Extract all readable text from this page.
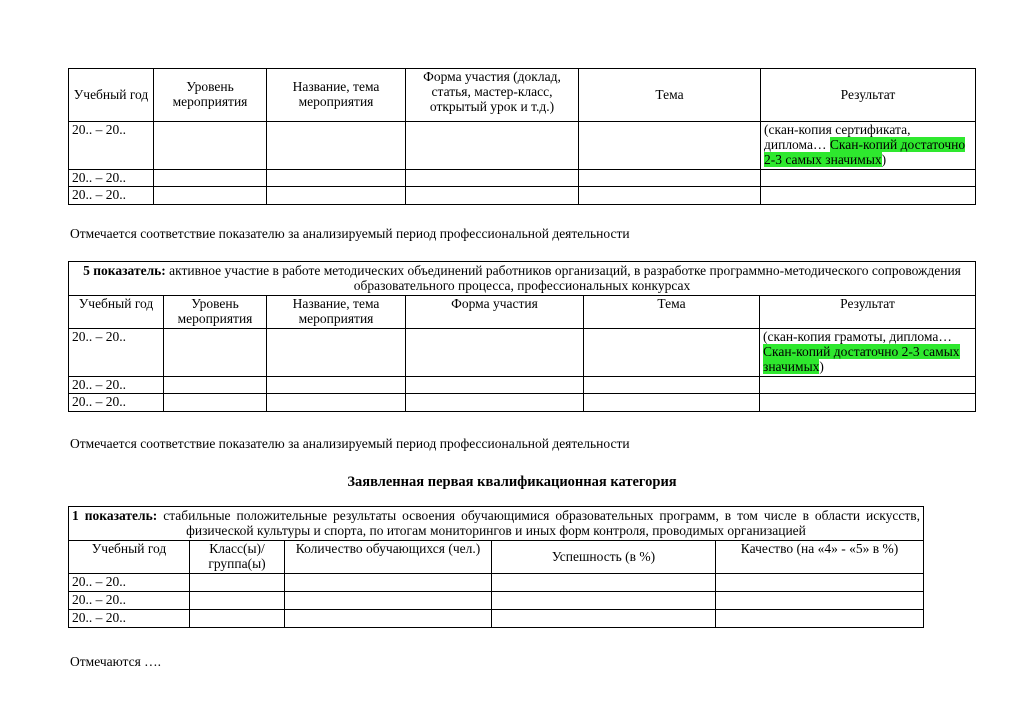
Учебный год	Уровень мероприятия	Название, тема мероприятия	Форма участия (доклад, статья, мастер-класс, открытый урок и т.д.)	Тема	Результат
20.. – 20..					(скан-копия сертификата, диплома… Скан-копий достаточно 2-3 самых значимых)
20.. – 20..					
20.. – 20..					
Отмечается соответствие показателю за анализируемый период профессиональной деятельности
5 показатель: активное участие в работе методических объединений работников организаций, в разработке программно-методического сопровождения образовательного процесса, профессиональных конкурсах					
Учебный год	Уровень мероприятия	Название, тема мероприятия	Форма участия	Тема	Результат
20.. – 20..					(скан-копия грамоты, диплома… Скан-копий достаточно 2-3 самых значимых)
20.. – 20..					
20.. – 20..					
Отмечается соответствие показателю за анализируемый период профессиональной деятельности
Заявленная первая квалификационная категория
1 показатель: стабильные положительные результаты освоения обучающимися образовательных программ, в том числе в области искусств, физической культуры и спорта, по итогам мониторингов и иных форм контроля, проводимых организацией				
Учебный год	Класс(ы)/ группа(ы)	Количество обучающихся (чел.)	Успешность (в %)	Качество (на «4» - «5» в %)
20.. – 20..				
20.. – 20..				
20.. – 20..				
Отмечаются ….
